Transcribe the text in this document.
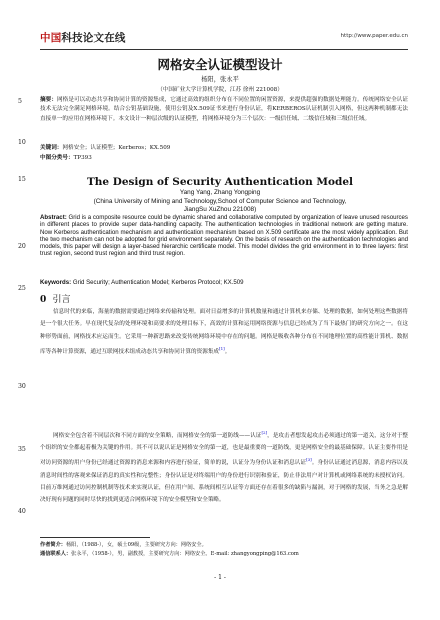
中国科技论文在线	http://www.paper.edu.cn
网格安全认证模型设计
杨阳，张永平
（中国矿业大学计算机学院，江苏 徐州 221008）
摘要：网格是可以动态共享和协同计算的资源集成，它通过高效的组织分布在不同位置的闲置资源，来提供超强的数据处理能力。传统网络安全认证技术无法完全满足网格环境。结合公钥基础设施，使用公钥及X.509证书来进行身份认证，将KERBEROS认证机制引入网格，但这两种机制都无法直接单一的应用在网格环境下。本文设计一种层次级的认证模型，将网格环境分为三个层次：一级信任域、二级信任域和三级信任域。
关键词：网格安全；认证模型；Kerberos；KX.509
中图分类号：TP393
The Design of Security Authentication Model
Yang Yang, Zhang Yongping
(China University of Mining and Technology,School of Computer Science and Technology,
JiangSu XuZhou 221008)
Abstract: Grid is a composite resource could be dynamic shared and collaborative computed by organization of leave unused resources in different places to provide super data-handling capacity. The authentication technologies in traditional network are getting mature. Now Kerberos authentication mechanism and authentication mechanism based on X.509 certificate are the most widely application. But the two mechanism can not be adopted for grid environment separately. On the basis of research on the authentication technologies and models, this paper will design a layer-based hierarchic certificate model. This model divides the grid environment in to three layers: first trust region, second trust region and third trust region.
Keywords: Grid Security; Authentication Model; Kerberos Protocol; KX.509
0 引言
信息时代的来临，海量的数据需要通过网络来传输和处理。面对日益增多的计算机数量和通过计算机来存储、处理的数据，如何处理这些数据将是一个很大任务。早在现代复杂的处理环境和高要求的处理目标下，高效的计算和运用网络资源与信息已经成为了当下最热门的研究方向之一。在这种形势面前，网格技术应运而生。它采用一种新思路来改变传统网络环境中存在的问题。网格是吸收各种分布在不同地理位置的高性能计算机、数据库等各种计算资源，通过互联网技术组成动态共享和协同计算的资源集成[1]。
网格安全包含着不同层次和不同方面的安全策略，而网格安全的第一道防线——认证[2]，是攻击者想发起攻击必须通过的第一道关，这分对于整个组织的安全都起着极为关键的作用。其不可以说认证是网格安全的第一道，也是最重要的一道防线，更是网格安全的最基础保障。认证主要作用是对访问资源的用户身份已经通过资源的消息来源和内容进行验证，简单的说，认证分为身份认证和消息认证[3]。身份认证通过消息源，消息内容以及消息时间性的客观来保证消息的真实性和完整性；身份认证是对终端用户的身份进行识别和验证，防止非法用户对计算机或网络系统的未授权访问。目前万维网通过访问控制机制等技术来实现认证，但在用户间、系统间相互认证等方面还存在着很多的缺陷与漏洞，对于网格的发展，当务之急是解决好现有问题的同时尽快的找到更适合网格环境下的安全模型和安全策略。
5
10
15
20
25
30
35
40
作者简介：杨阳，（1988-），女，硕士09级，主要研究方向：网络安全。
通信联系人：张永平，（1958-），男，副教授，主要研究方向：网络安全。E-mail: zhangyongping@163.com
- 1 -
